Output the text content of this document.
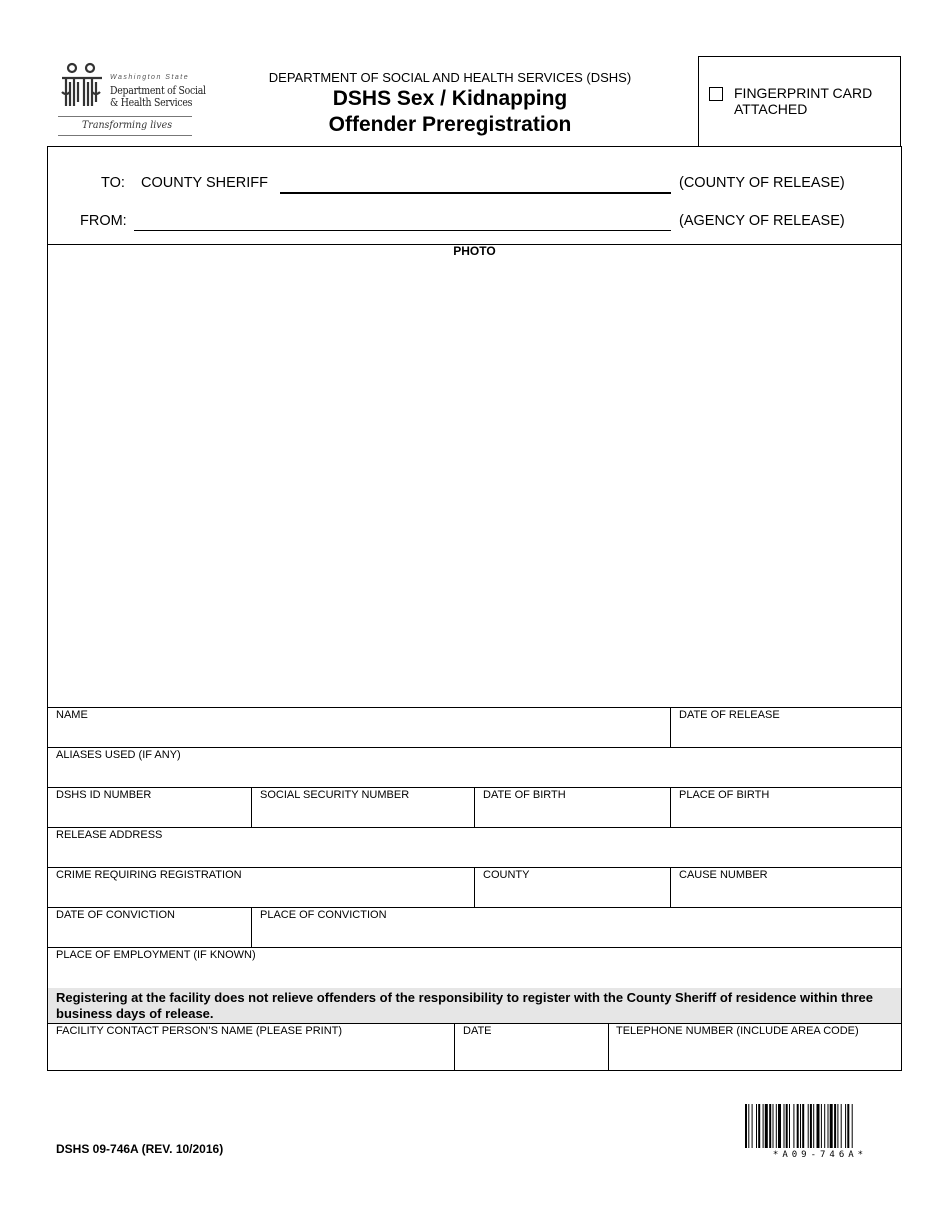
Washington State
Department of Social
& Health Services
Transforming lives
DEPARTMENT OF SOCIAL AND HEALTH SERVICES (DSHS)
DSHS Sex / Kidnapping
Offender Preregistration
FINGERPRINT CARD
ATTACHED
TO: COUNTY SHERIFF	(COUNTY OF RELEASE)
FROM:	(AGENCY OF RELEASE)
NAME	DATE OF RELEASE
ALIASES USED (IF ANY)
DSHS ID NUMBER	SOCIAL SECURITY NUMBER	DATE OF BIRTH	PLACE OF BIRTH
RELEASE ADDRESS
CRIME REQUIRING REGISTRATION	COUNTY	CAUSE NUMBER
DATE OF CONVICTION	PLACE OF CONVICTION
PLACE OF EMPLOYMENT (IF KNOWN)
FACILITY CONTACT PERSON’S NAME (PLEASE PRINT)	DATE	TELEPHONE NUMBER (INCLUDE AREA CODE)
PHOTO
Registering at the facility does not relieve offenders of the responsibility to register with the County Sheriff of residence within three business days of release.
DSHS 09-746A (REV. 10/2016)	*A09-746A*
